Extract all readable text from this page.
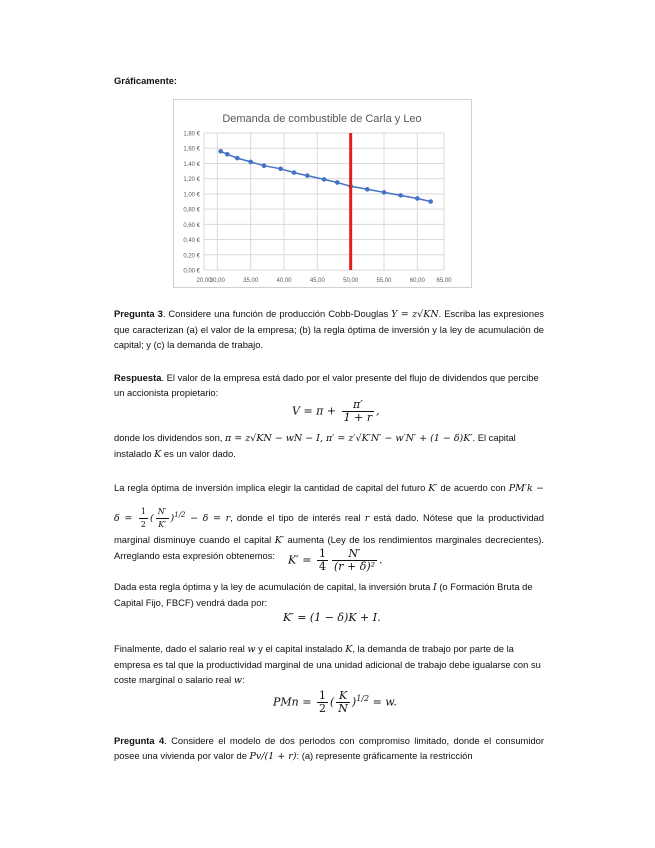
Gráficamente:
Demanda de combustible de Carla y Leo
0,00 €
0,20 €
0,40 €
0,60 €
0,80 €
1,00 €
1,20 €
1,40 €
1,60 €
1,80 €
20,00	65,00
30,00	35,00	40,00	45,00	50,00	55,00	60,00
Pregunta 3. Considere una función de producción Cobb-Douglas Y = z√KN. Escriba las expresiones que caracterizan (a) el valor de la empresa; (b) la regla óptima de inversión y la ley de acumulación de capital; y (c) la demanda de trabajo.
Respuesta. El valor de la empresa está dado por el valor presente del flujo de dividendos que percibe un accionista propietario:
$V = \pi + \frac{\pi'}{1 + r}$ ,
donde los dividendos son, π = z√KN − wN − I, π′ = z′√K′N′ − w′N′ + (1 − δ)K′. El capital instalado K es un valor dado.
La regla óptima de inversión implica elegir la cantidad de capital del futuro K′ de acuerdo con $PM'k - \delta = \frac{1}{2}$ ( $\frac{N'}{K'} )^{1/2} - \delta = r$, donde el tipo de interés real r está dado. Nótese que la productividad marginal disminuye cuando el capital K′ aumenta (Ley de los rendimientos marginales decrecientes). Arreglando esta expresión obtenemos:	$K' = \frac{1}{4} \frac{N'}{\text{(r + δ)²}}$ .
Dada esta regla óptima y la ley de acumulación de capital, la inversión bruta I (o Formación Bruta de Capital Fijo, FBCF) vendrá dada por:
K′ = (1 − δ)K + I.
Finalmente, dado el salario real w y el capital instalado K, la demanda de trabajo por parte de la empresa es tal que la productividad marginal de una unidad adicional de trabajo debe igualarse con su coste marginal o salario real w:
PMn = $\frac{1}{2}$ ( $\frac{K}{N} )^{1/2} = w$.
Pregunta 4. Considere el modelo de dos periodos con compromiso limitado, donde el consumidor posee una vivienda por valor de Pv/(1 + r): (a) represente gráficamente la restricción
